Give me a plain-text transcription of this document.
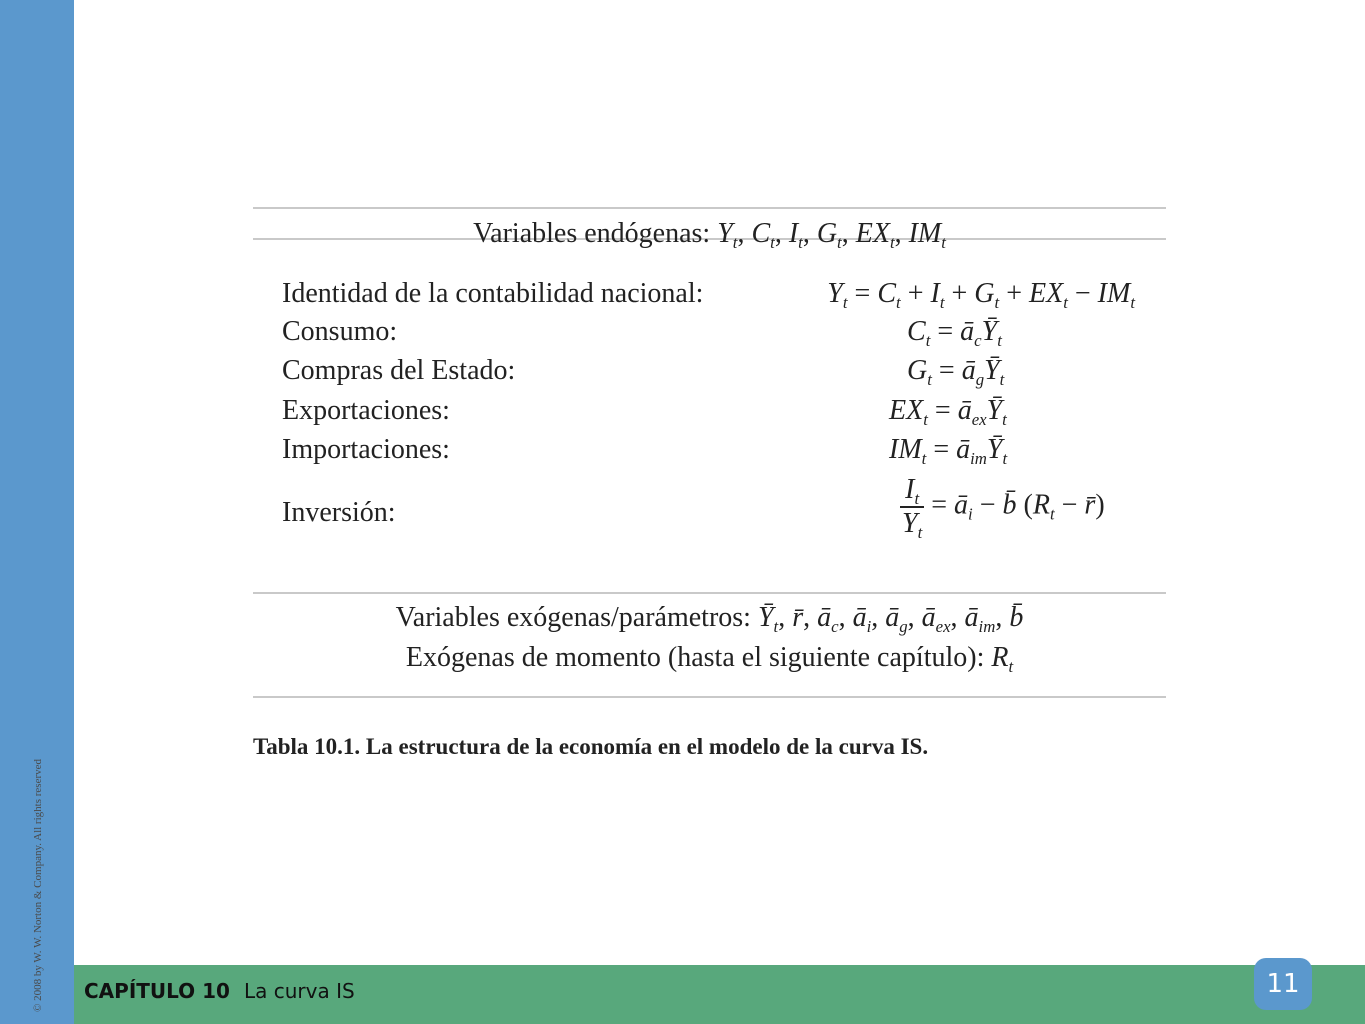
© 2008 by W. W. Norton & Company. All rights reserved CAPÍTULO 10 La curva IS	11
Variables endógenas: $Y_t$, $C_t$, $I_t$, $G_t$, $EX_t$, $IM_t$
Identidad de la contabilidad nacional:	$Y_t = C_t + I_t + G_t + EX_t - IM_t$
Consumo:	$C_t$ = $ā_cȲ_t$
Compras del Estado:	$G_t$ = $ā_gȲ_t$
Exportaciones:	$EX_t$ = $ā_{ex}Ȳ_t$
Importaciones:	$IM_t$ = $ā_{im}Ȳ_t$
Inversión:	$\frac{I_t}{Y_t}$ = $ā_i$ − b̄ ($R_t$ − r̄)
Variables exógenas/parámetros: $Ȳ_t$, r̄, $ā_c$, $ā_i$, $ā_g$, $ā_{ex}$, $ā_{im}$, b̄
Exógenas de momento (hasta el siguiente capítulo): $R_t$
Tabla 10.1. La estructura de la economía en el modelo de la curva IS.
